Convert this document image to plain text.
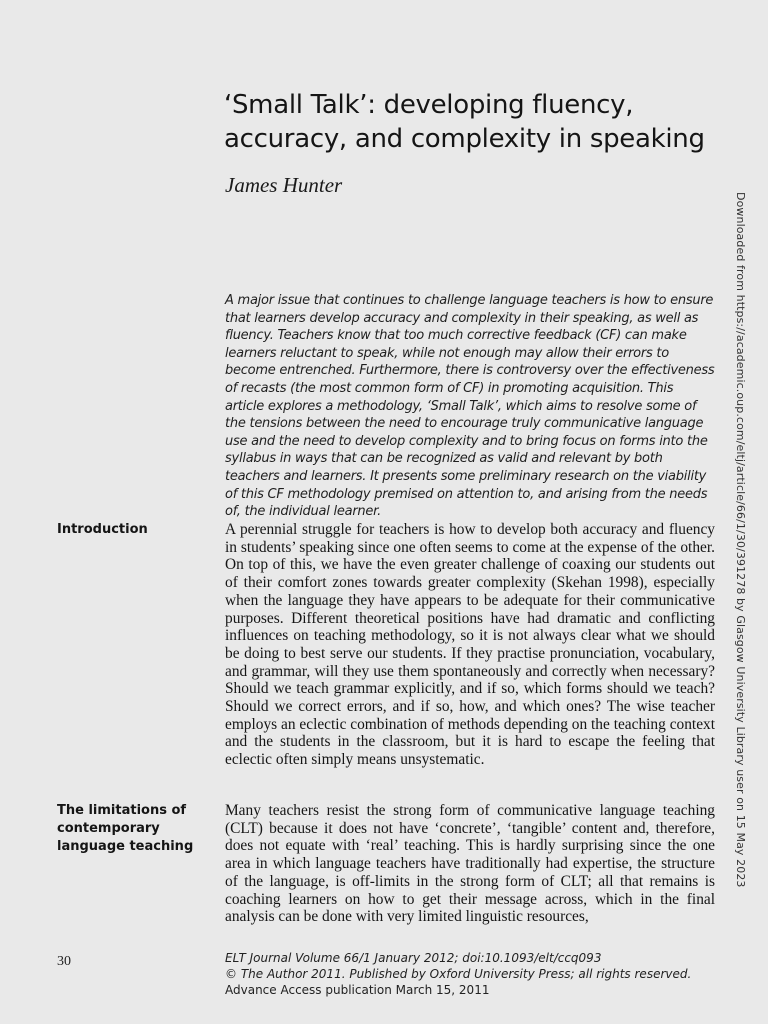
‘Small Talk’: developing fluency, accuracy, and complexity in speaking
James Hunter

A major issue that continues to challenge language teachers is how to ensure that learners develop accuracy and complexity in their speaking, as well as fluency. Teachers know that too much corrective feedback (CF) can make learners reluctant to speak, while not enough may allow their errors to become entrenched. Furthermore, there is controversy over the effectiveness of recasts (the most common form of CF) in promoting acquisition. This article explores a methodology, ‘Small Talk’, which aims to resolve some of the tensions between the need to encourage truly communicative language use and the need to develop complexity and to bring focus on forms into the syllabus in ways that can be recognized as valid and relevant by both teachers and learners. It presents some preliminary research on the viability of this CF methodology premised on attention to, and arising from the needs of, the individual learner.

Introduction	A perennial struggle for teachers is how to develop both accuracy and fluency in students’ speaking since one often seems to come at the expense of the other. On top of this, we have the even greater challenge of coaxing our students out of their comfort zones towards greater complexity (Skehan 1998), especially when the language they have appears to be adequate for their communicative purposes. Different theoretical positions have had dramatic and conflicting influences on teaching methodology, so it is not always clear what we should be doing to best serve our students. If they practise pronunciation, vocabulary, and grammar, will they use them spontaneously and correctly when necessary? Should we teach grammar explicitly, and if so, which forms should we teach? Should we correct errors, and if so, how, and which ones? The wise teacher employs an eclectic combination of methods depending on the teaching context and the students in the classroom, but it is hard to escape the feeling that eclectic often simply means unsystematic.

The limitations of contemporary language teaching

Many teachers resist the strong form of communicative language teaching (CLT) because it does not have ‘concrete’, ‘tangible’ content and, therefore, does not equate with ‘real’ teaching. This is hardly surprising since the one area in which language teachers have traditionally had expertise, the structure of the language, is off-limits in the strong form of CLT; all that remains is coaching learners on how to get their message across, which in the final analysis can be done with very limited linguistic resources,

30	ELT Journal Volume 66/1 January 2012; doi:10.1093/elt/ccq093
© The Author 2011. Published by Oxford University Press; all rights reserved.
Advance Access publication March 15, 2011
Downloaded from https://academic.oup.com/eltj/article/66/1/30/391278 by Glasgow University Library user on 15 May 2023
